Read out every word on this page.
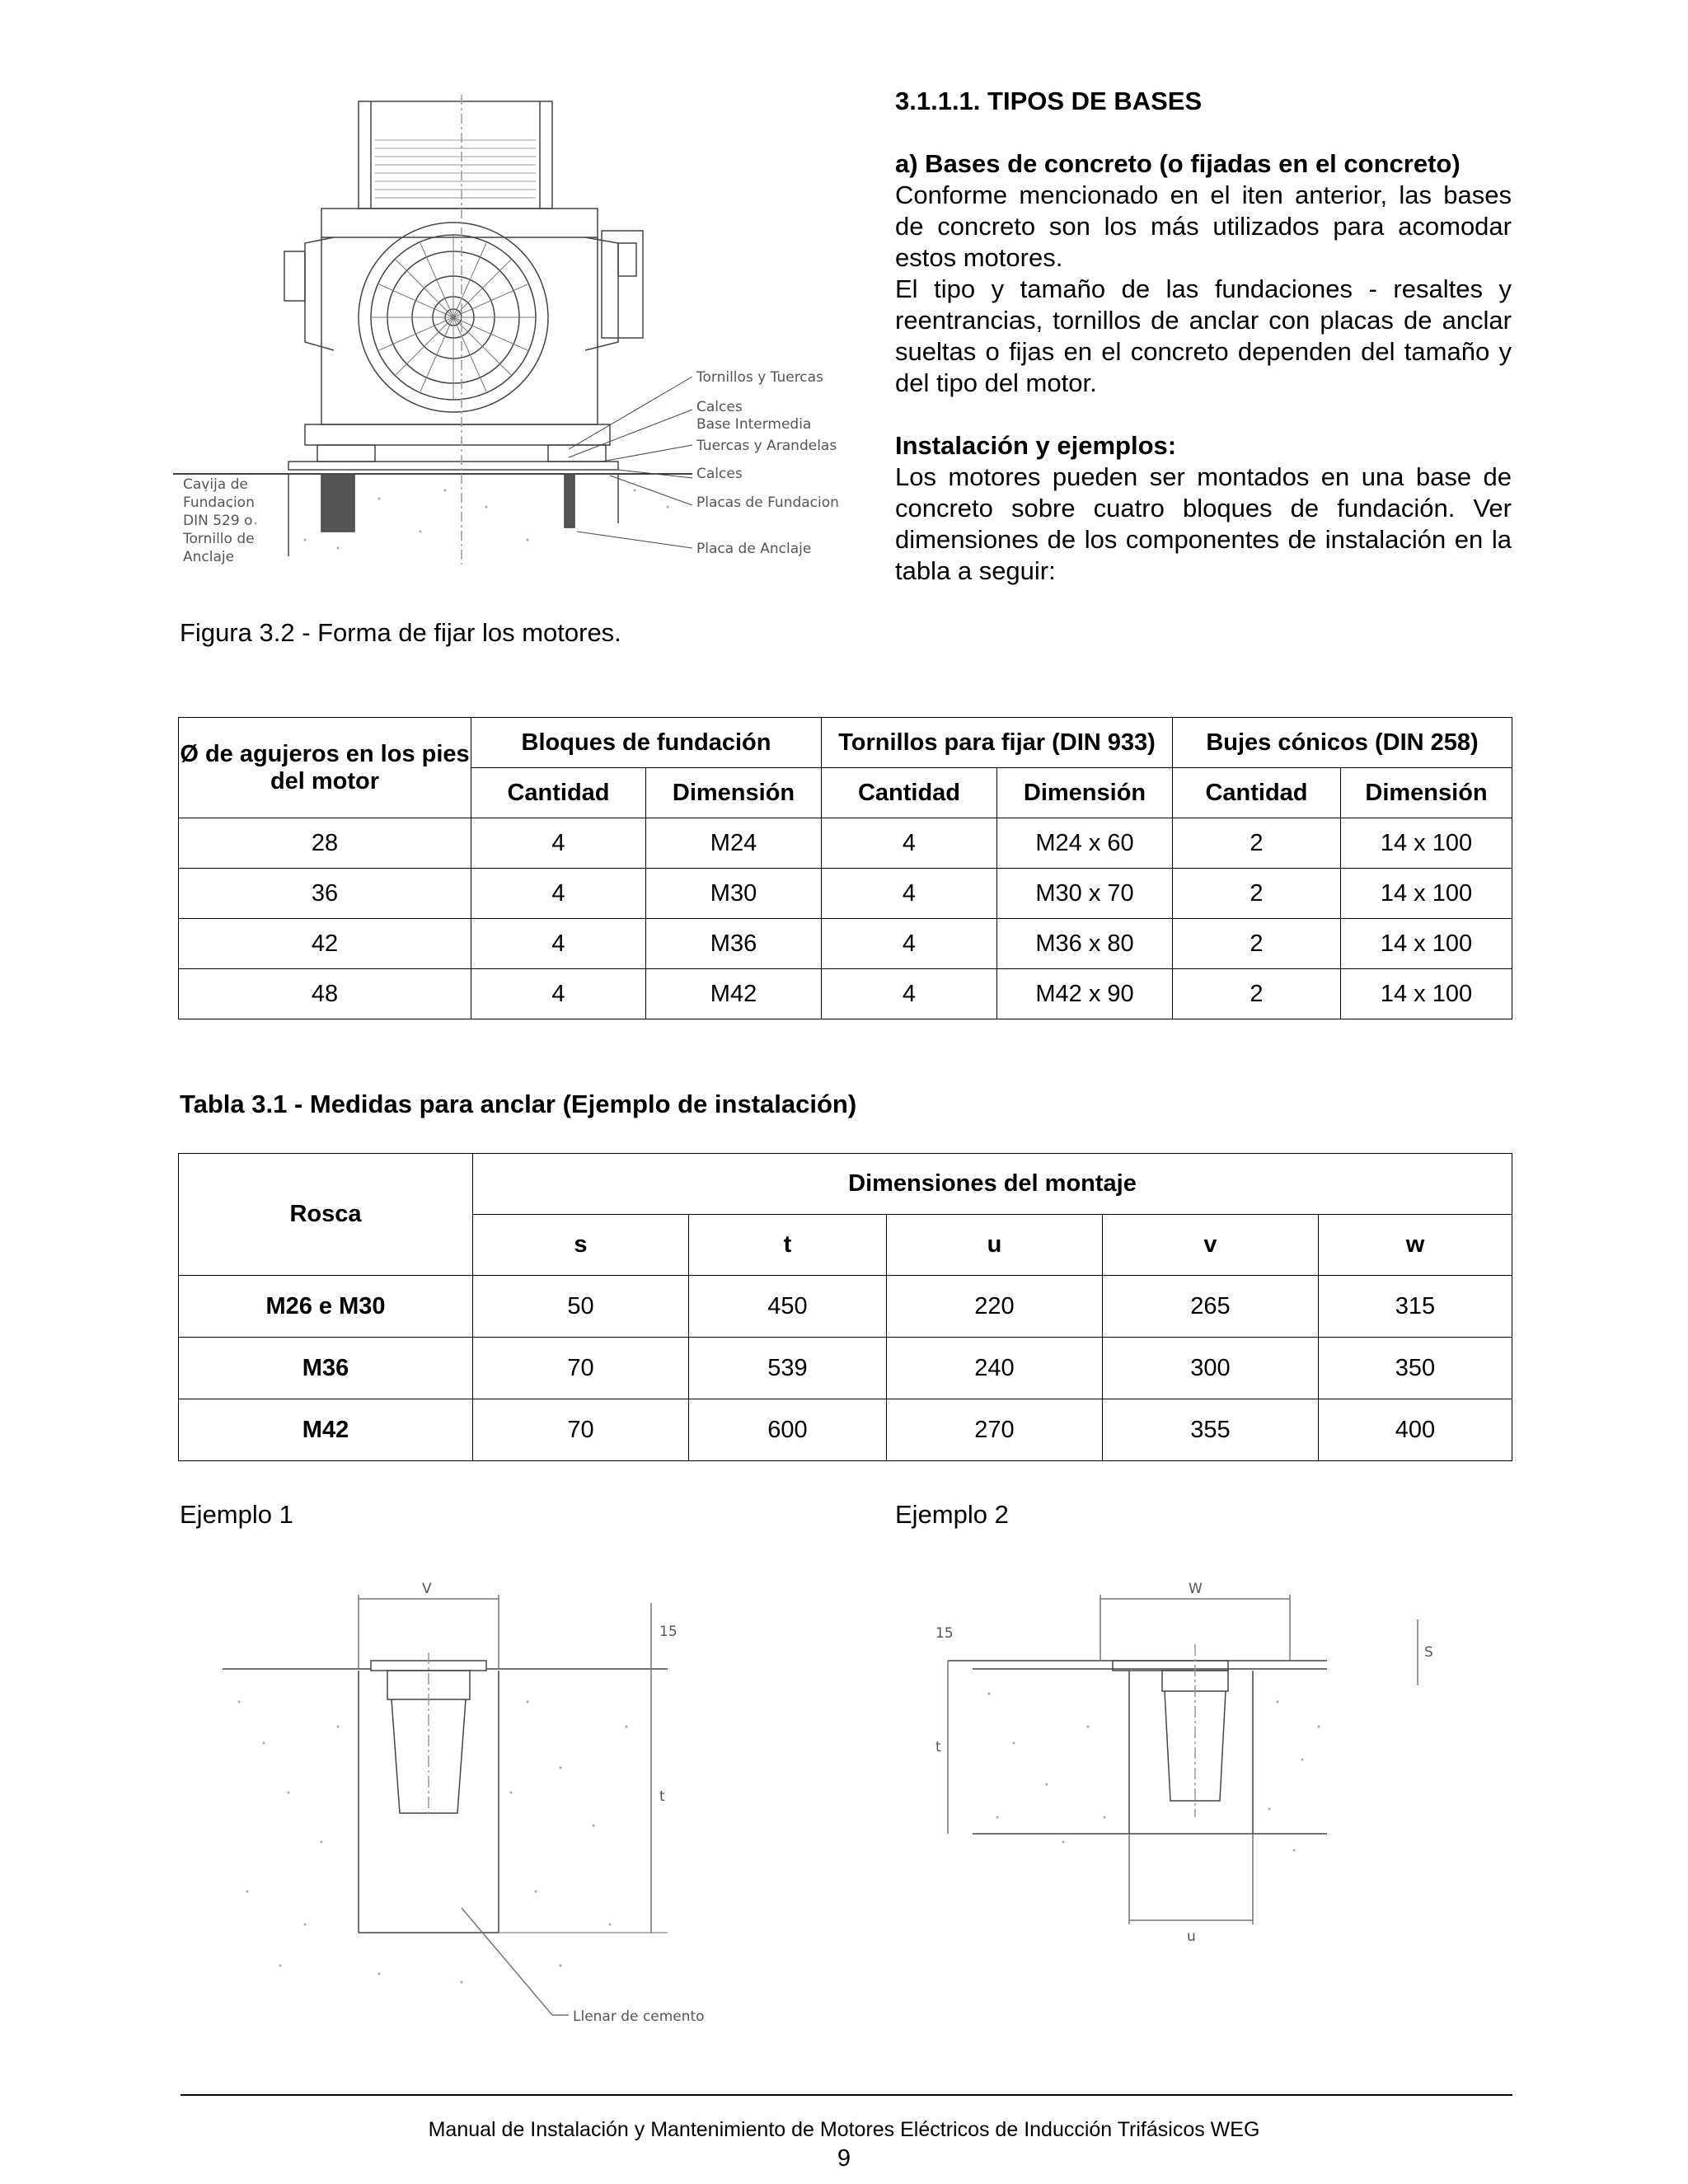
Tornillos y Tuercas
Calces
Base Intermedia
Tuercas y Arandelas
Calces
Placas de Fundacion
Placa de Anclaje
Cavija de
Fundacion
DIN 529 o
Tornillo de
Anclaje
Figura 3.2 - Forma de fijar los motores.
3.1.1.1. TIPOS DE BASES
a) Bases de concreto (o fijadas en el concreto)

Conforme mencionado en el iten anterior, las bases de concreto son los más utilizados para acomodar estos motores.

El tipo y tamaño de las fundaciones - resaltes y reentrancias, tornillos de anclar con placas de anclar sueltas o fijas en el concreto dependen del tamaño y del tipo del motor.

Instalación y ejemplos:

Los motores pueden ser montados en una base de concreto sobre cuatro bloques de fundación. Ver dimensiones de los componentes de instalación en la tabla a seguir:

Ø de agujeros en los pies del motor	Bloques de fundación		Tornillos para fijar (DIN 933)		Bujes cónicos (DIN 258)	
	Cantidad	Dimensión	Cantidad	Dimensión	Cantidad	Dimensión
28	4	M24	4	M24 x 60	2	14 x 100
36	4	M30	4	M30 x 70	2	14 x 100
42	4	M36	4	M36 x 80	2	14 x 100
48	4	M42	4	M42 x 90	2	14 x 100
Tabla 3.1 - Medidas para anclar (Ejemplo de instalación)
Rosca	Dimensiones del montaje				
	s	t	u	v	w
M26 e M30	50	450	220	265	315
M36	70	539	240	300	350
M42	70	600	270	355	400
Ejemplo 1	Ejemplo 2
V
15
t
Llenar de cemento
W
15
t
u
S
Manual de Instalación y Mantenimiento de Motores Eléctricos de Inducción Trifásicos WEG
9
